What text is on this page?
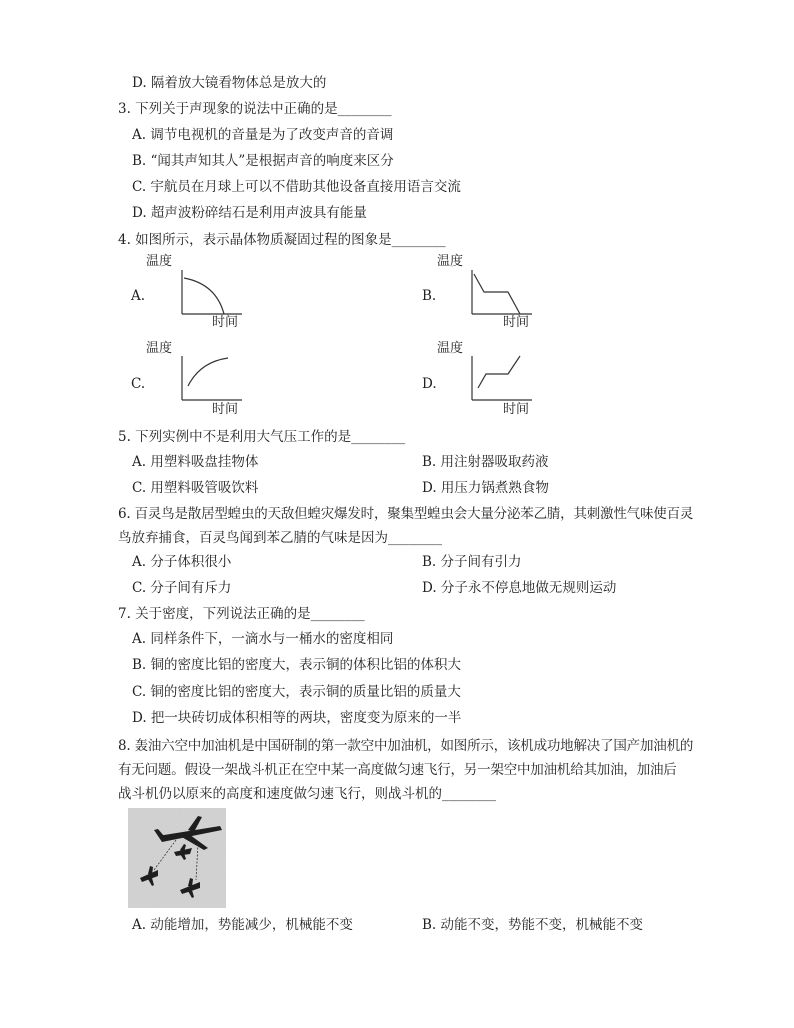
D. 隔着放大镜看物体总是放大的
3. 下列关于声现象的说法中正确的是________
A. 调节电视机的音量是为了改变声音的音调
B. “闻其声知其人”是根据声音的响度来区分
C. 宇航员在月球上可以不借助其他设备直接用语言交流
D. 超声波粉碎结石是利用声波具有能量
4. 如图所示，表示晶体物质凝固过程的图象是________
A.
温度
时间
B.
温度
时间
C.
温度
时间
D.
温度
时间
5. 下列实例中不是利用大气压工作的是________
A. 用塑料吸盘挂物体	B. 用注射器吸取药液
C. 用塑料吸管吸饮料	D. 用压力锅煮熟食物
6. 百灵鸟是散居型蝗虫的天敌但蝗灾爆发时，聚集型蝗虫会大量分泌苯乙腈，其刺激性气味使百灵
鸟放弃捕食，百灵鸟闻到苯乙腈的气味是因为________
A. 分子体积很小	B. 分子间有引力
C. 分子间有斥力	D. 分子永不停息地做无规则运动
7. 关于密度，下列说法正确的是________
A. 同样条件下，一滴水与一桶水的密度相同
B. 铜的密度比铝的密度大，表示铜的体积比铝的体积大
C. 铜的密度比铝的密度大，表示铜的质量比铝的质量大
D. 把一块砖切成体积相等的两块，密度变为原来的一半
8. 轰油六空中加油机是中国研制的第一款空中加油机，如图所示，该机成功地解决了国产加油机的
有无问题。假设一架战斗机正在空中某一高度做匀速飞行，另一架空中加油机给其加油，加油后
战斗机仍以原来的高度和速度做匀速飞行，则战斗机的________
A. 动能增加，势能减少，机械能不变	B. 动能不变，势能不变，机械能不变
